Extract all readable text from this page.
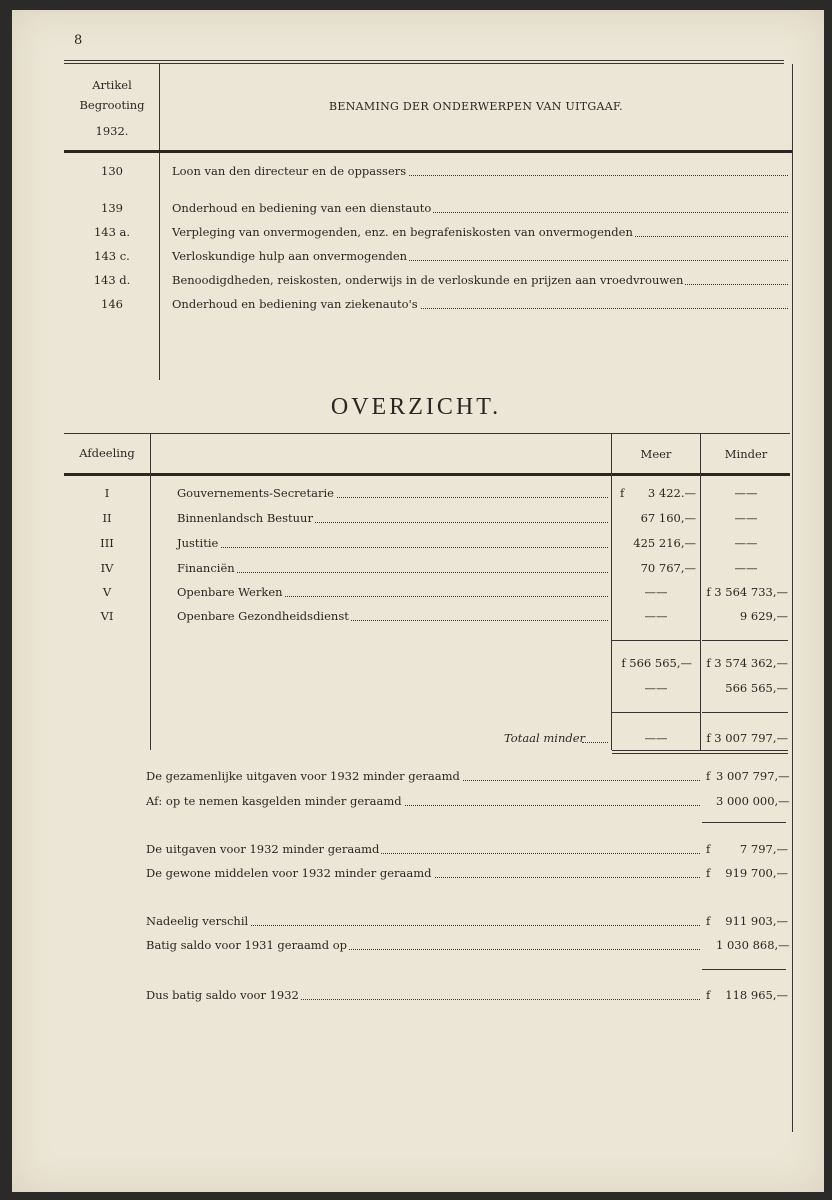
8
Artikel
Begrooting
1932.
BENAMING DER ONDERWERPEN VAN UITGAAF.
130	Loon van den directeur en de oppassers
139	Onderhoud en bediening van een dienstauto
143 a.	Verpleging van onvermogenden, enz. en begrafeniskosten van onvermogenden
143 c.	Verloskundige hulp aan onvermogenden
143 d.	Benoodigdheden, reiskosten, onderwijs in de verloskunde en prijzen aan vroedvrouwen
146	Onderhoud en bediening van ziekenauto's
OVERZICHT.
Afdeeling	Meer	Minder
I	Gouvernements-Secretarie	f	3 422.—	——
II	Binnenlandsch Bestuur	67 160,—	——
III	Justitie	425 216,—	——
IV	Financiën	70 767,—	——
V	Openbare Werken	——	f 3 564 733,—
VI	Openbare Gezondheidsdienst	——	9 629,—
f 566 565,—	f 3 574 362,—
——	566 565,—
Totaal minder	——	f 3 007 797,—
De gezamenlijke uitgaven voor 1932 minder geraamd	f 3 007 797,—
Af: op te nemen kasgelden minder geraamd	3 000 000,—
De uitgaven voor 1932 minder geraamd	f	7 797,—
De gewone middelen voor 1932 minder geraamd	f	919 700,—
Nadeelig verschil	f	911 903,—
Batig saldo voor 1931 geraamd op	1 030 868,—
Dus batig saldo voor 1932	f	118 965,—
